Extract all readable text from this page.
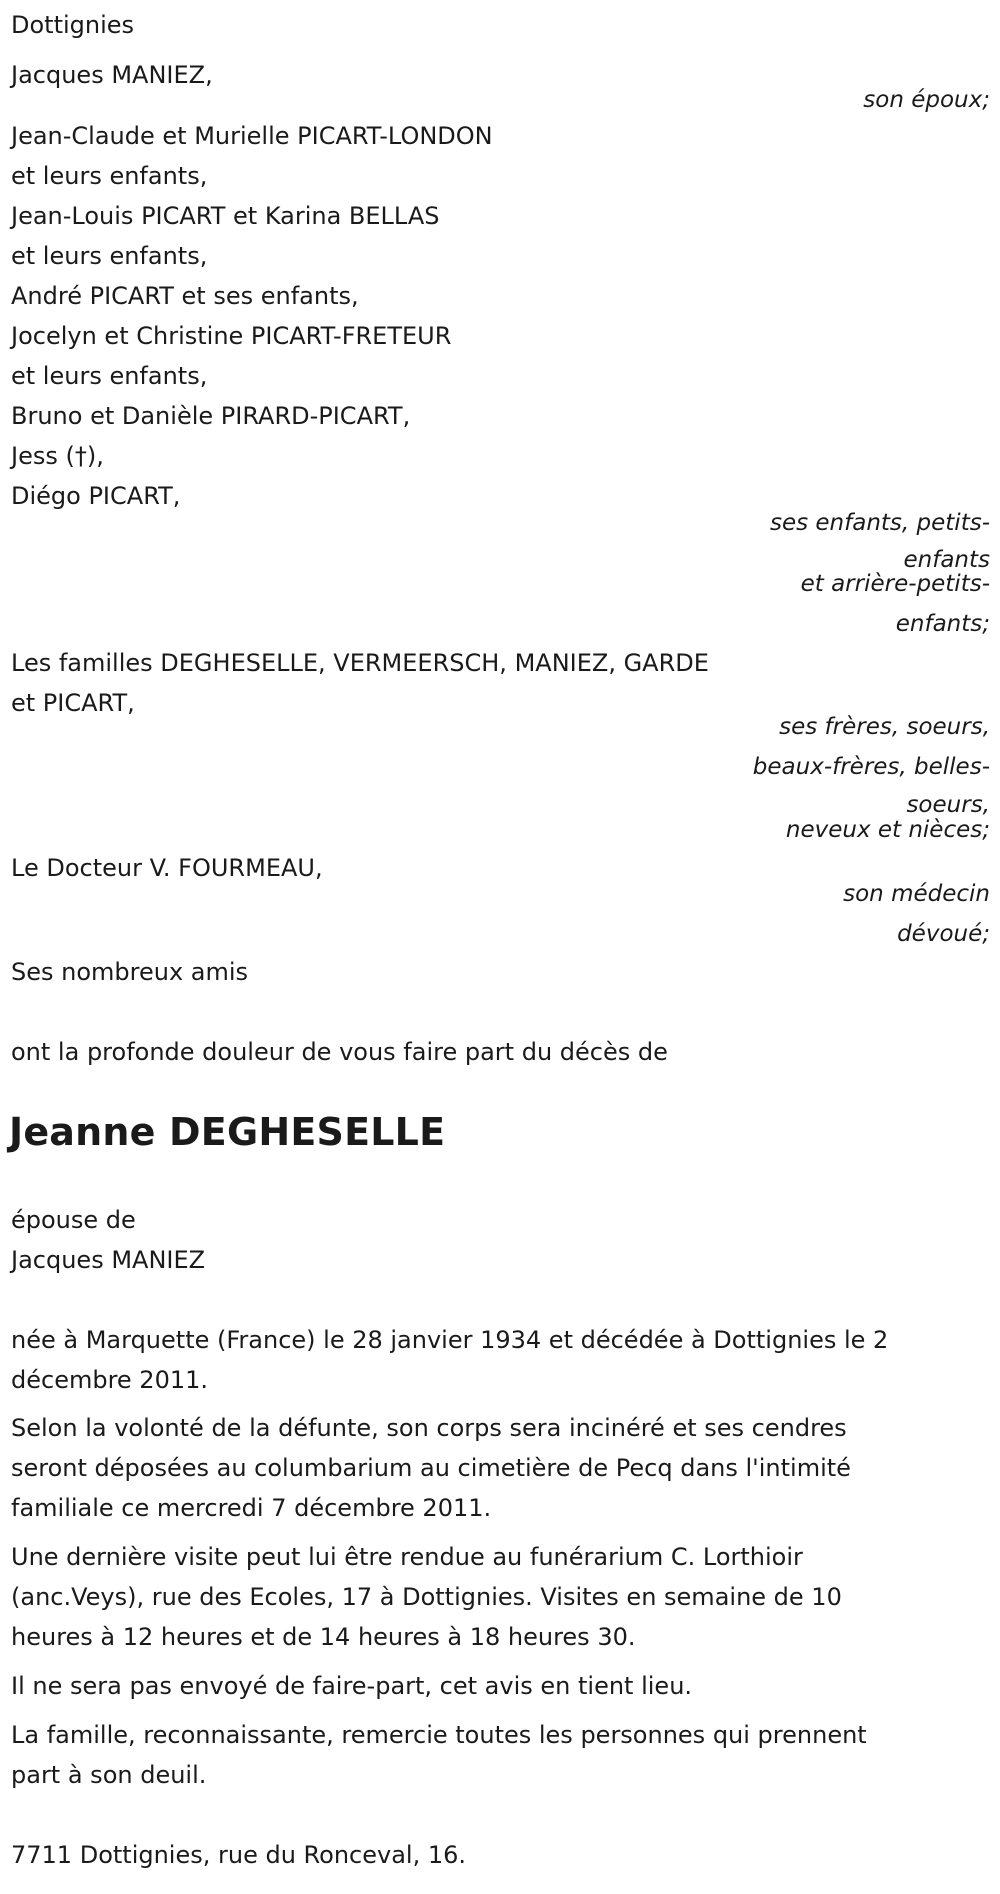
Dottignies
Jacques MANIEZ,
son époux;
Jean-Claude et Murielle PICART-LONDON
et leurs enfants,
Jean-Louis PICART et Karina BELLAS
et leurs enfants,
André PICART et ses enfants,
Jocelyn et Christine PICART-FRETEUR
et leurs enfants,
Bruno et Danièle PIRARD-PICART,
Jess (†),
Diégo PICART,
ses enfants, petits-
enfants
et arrière-petits-
enfants;
Les familles DEGHESELLE, VERMEERSCH, MANIEZ, GARDE
et PICART,
ses frères, soeurs,
beaux-frères, belles-
soeurs,
neveux et nièces;
Le Docteur V. FOURMEAU,
son médecin
dévoué;
Ses nombreux amis
ont la profonde douleur de vous faire part du décès de
Jeanne DEGHESELLE
épouse de
Jacques MANIEZ
née à Marquette (France) le 28 janvier 1934 et décédée à Dottignies le 2
décembre 2011.
Selon la volonté de la défunte, son corps sera incinéré et ses cendres
seront déposées au columbarium au cimetière de Pecq dans l'intimité
familiale ce mercredi 7 décembre 2011.
Une dernière visite peut lui être rendue au funérarium C. Lorthioir
(anc.Veys), rue des Ecoles, 17 à Dottignies. Visites en semaine de 10
heures à 12 heures et de 14 heures à 18 heures 30.
Il ne sera pas envoyé de faire-part, cet avis en tient lieu.
La famille, reconnaissante, remercie toutes les personnes qui prennent
part à son deuil.
7711 Dottignies, rue du Ronceval, 16.
